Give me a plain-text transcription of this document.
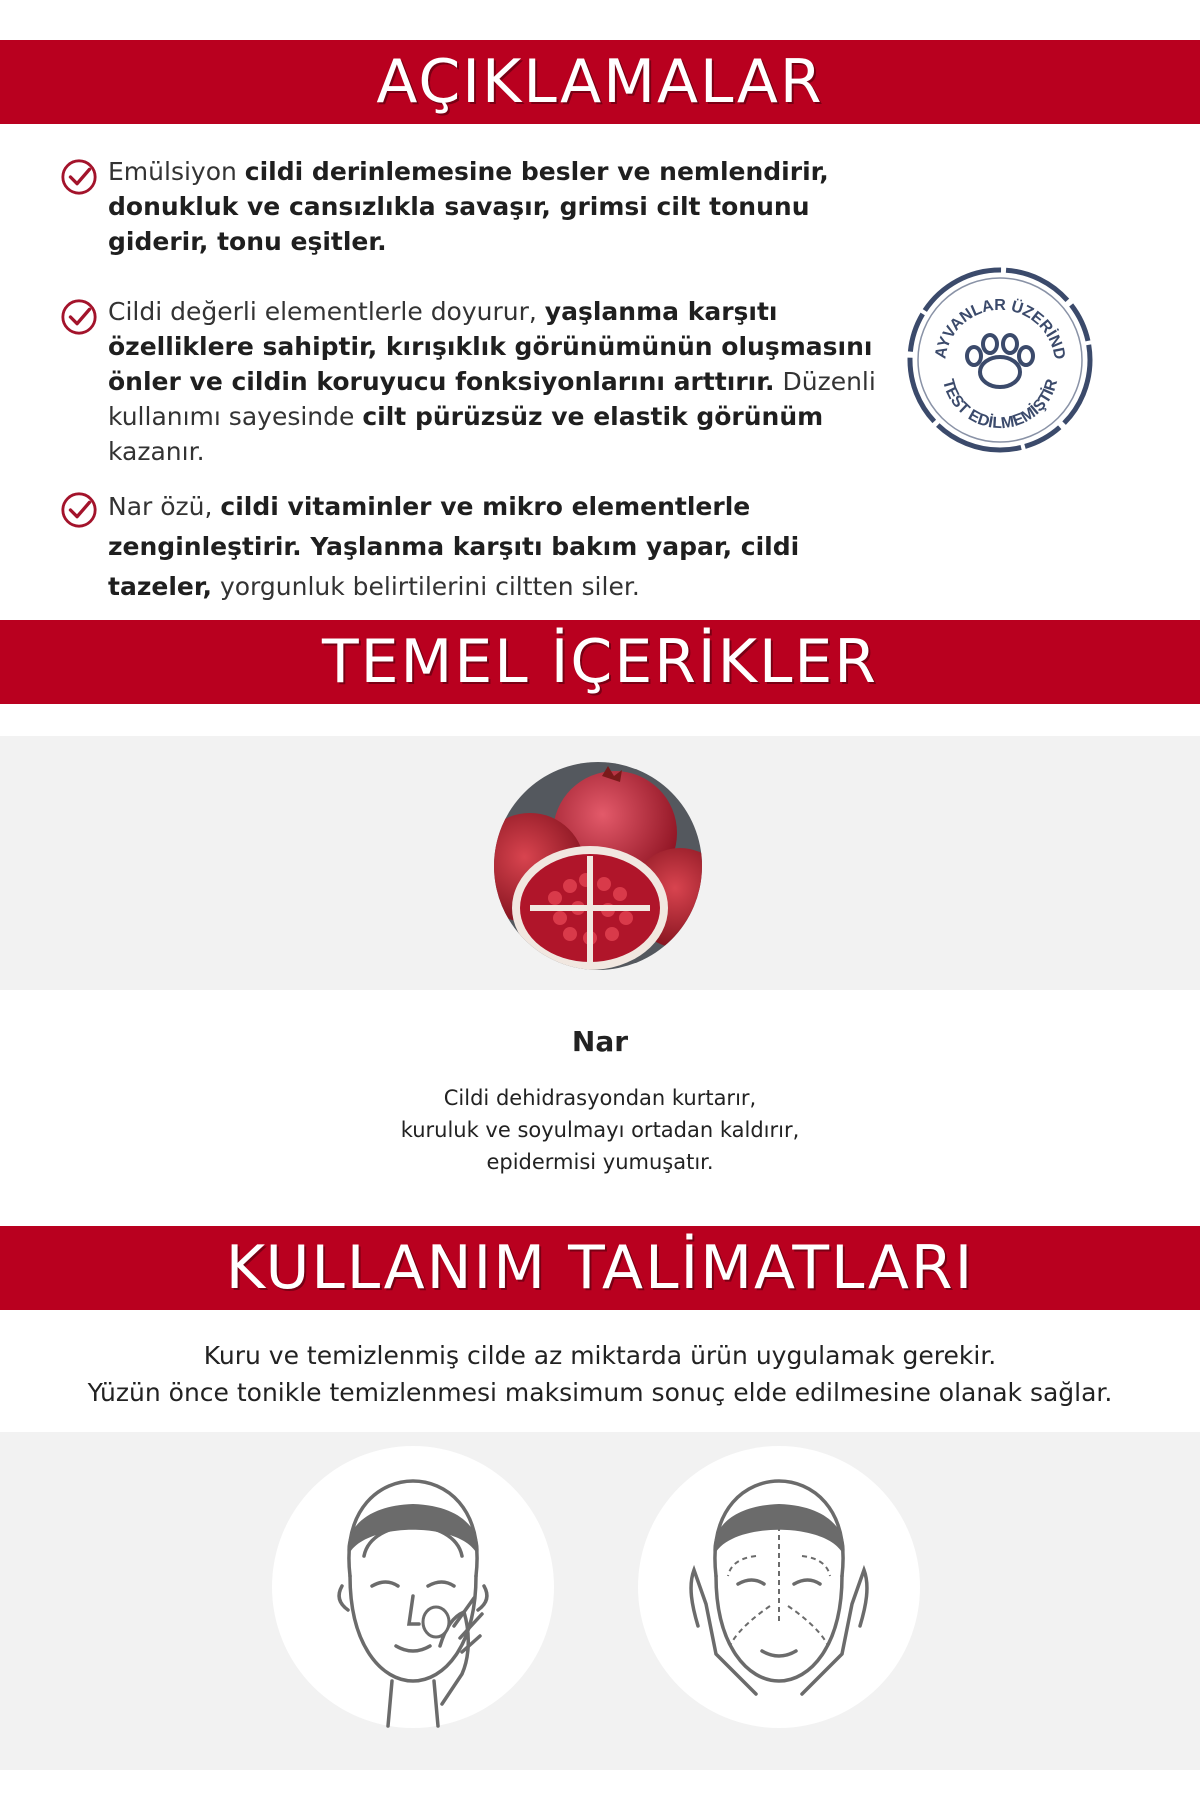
AÇIKLAMALAR
Emülsiyon cildi derinlemesine besler ve nemlendirir, donukluk ve cansızlıkla savaşır, grimsi cilt tonunu giderir, tonu eşitler.
Cildi değerli elementlerle doyurur, yaşlanma karşıtı özelliklere sahiptir, kırışıklık görünümünün oluşmasını önler ve cildin koruyucu fonksiyonlarını arttırır. Düzenli kullanımı sayesinde cilt pürüzsüz ve elastik görünüm kazanır.
Nar özü, cildi vitaminler ve mikro elementlerle zenginleştirir. Yaşlanma karşıtı bakım yapar, cildi tazeler, yorgunluk belirtilerini ciltten siler.
AYVANLAR ÜZERİND
TEST EDİLMEMİŞTİR
TEMEL İÇERİKLER
Nar
Cildi dehidrasyondan kurtarır,
kuruluk ve soyulmayı ortadan kaldırır,
epidermisi yumuşatır.
KULLANIM TALİMATLARI
Kuru ve temizlenmiş cilde az miktarda ürün uygulamak gerekir.
Yüzün önce tonikle temizlenmesi maksimum sonuç elde edilmesine olanak sağlar.
